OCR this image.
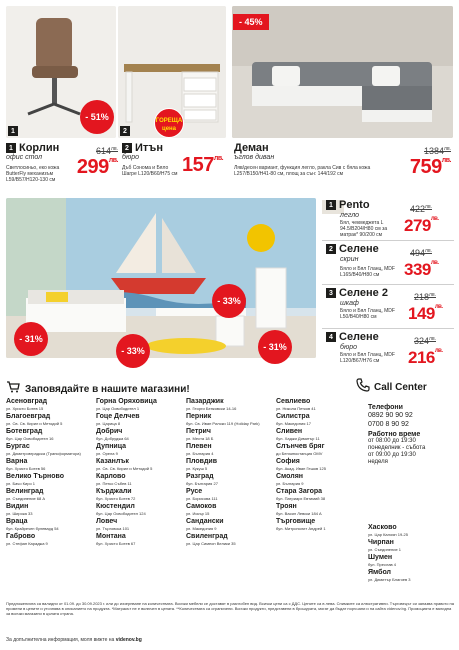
- 51%
1	2
ГОРЕЩА цена
- 45%
1 Корлин
офис стол
Светлосиньо, еко кожа ButterFly механизъм L59/B57/H120-130 см
$614^{лв.}$
$299^{лв.}$
2 Итън
бюро
Дъб Сонома и Бяло Шагре L120/B60/H75 см $157^{лв.}$
Деман
ъглов диван
Ляв/десен вариант, функция легло, ракла Сив с бяла кожа L257/B150/H41-80 см, площ за сън: 144/192 см
$1384^{лв.}$
$759^{лв.}$
- 33%
- 31%
- 33%	- 31%
1 Рento
легло
Бял, чекмеджета L 94.5/B204/H80 см за матрак* 90/200 см
$422^{лв.}$
$279^{лв.}$
2 Селене
скрин
Бяло и Бял Гланц, MDF L165/B40/H80 см
$494^{лв.}$
$339^{лв.}$
3 Селене 2
шкаф
Бяло и Бял Гланц, MDF L50/B40/H80 см
$218^{лв.}$
$149^{лв.}$
4 Селене
бюро
Бяло и Бял Гланц, MDF L120/B67/H76 см
$324^{лв.}$
$216^{лв.}$
Заповядайте в нашите магазини!	Call Center
Асеновград
ул. Христо Ботев 15
Благоевград
ул. Св. Св. Кирил и Методий 5
Ботевград
бул. Цар Освободител 16
Бургас
ул. Димитровградска (Трансформатора)
Варна
бул. Христо Ботев 56
Велико Търново
ул. Бачо Киро 1
Велинград
ул. Съединение 68 А
Видин
ул. Широка 33
Враца
бул. Крайречен булевард 54
Габрово
ул. Стефан Караджа 9
Горна Оряховица
ул. Цар Освободител 1
Гоце Делчев
ул. Царица 8
Добрич
бул. Добруджа 64
Дупница
ул. Орела 9
Казанлък
ул. Св. Св. Кирил и Методий 5
Карлово
ул. Петко Събев 11
Кърджали
бул. Христо Ботев 72
Кюстендил
бул. Цар Освободител 124
Ловеч
ул. Търговска 101
Монтана
бул. Христо Ботев 67
Пазарджик
ул. Георги Бенковски 14-16
Перник
бул. Св. Иван Рилски 119 (Holiday Park)
Петрич
ул. Места 18 Б
Плевен
ул. България 4
Пловдив
ул. Кукуш 5
Разград
бул. България 27
Русе
ул. Борисова 111
Самоков
ул. Искър 15
Сандански
ул. Македония 9
Свиленград
ул. Цар Симеон Велики 35
Севлиево
ул. Никола Петков 41
Силистра
бул. Македония 17
Сливен
бул. Хаджи Димитър 11
Слънчев бряг
до Бензиностанция OMV
София
бул. Акад. Иван Гешов 125
Смолян
ул. България 9
Стара Загора
бул. Патриарх Евтимий 38
Троян
бул. Васил Левски 184 А
Търговище
бул. Митрополит Андрей 1
Телефони
0892 90 90 92
0700 8 90 92
Работно време
от 08:00 до 19:30
понеделник - събота
от 09:00 до 19:30
неделя
Хасково
ул. Цар Калоян 19-25
Чирпан
ул. Съединение 1
Шумен
бул. Преслав 4
Ямбол
ул. Димитър Благоев 3
Предложенията са валидни от 01.09. до 30.09.2023 г. или до изчерпване на количествата. Всички мебели се доставят в разглобен вид. Всички цени са с ДДС. Цените са в лева. Снимките са илюстративни. Търговецът си запазва правото на промени в цените и уточнява в описанието на продукта. *Матракът не е включен в цената. **Количествата са ограничени. Всички продукти, представени в брошурата, могат да бъдат поръчани и на сайта videnov.bg. Промоцията е валидна за всички магазини в цялата страна.
За допълнителна информация, моля вижте на videnov.bg
